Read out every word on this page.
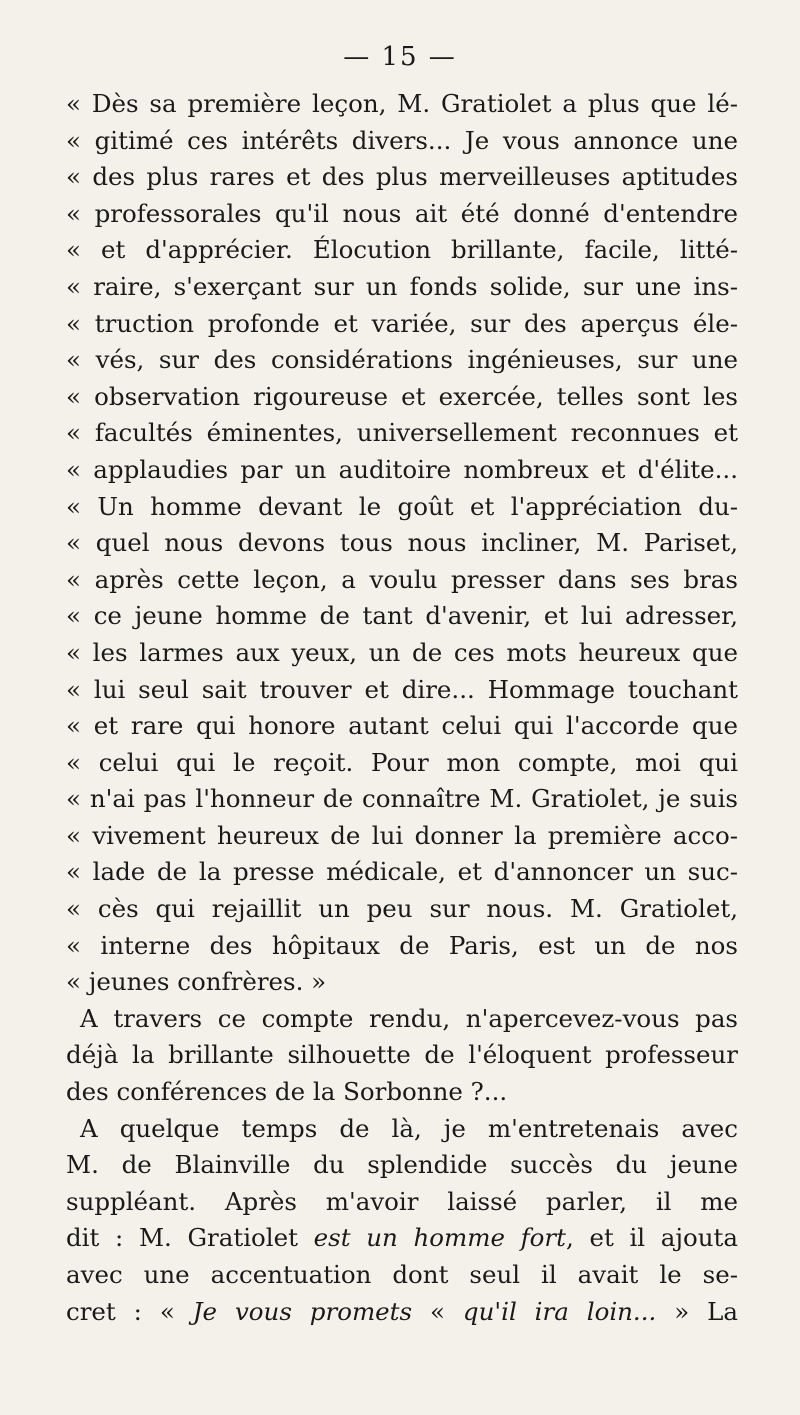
— 15 —
« Dès sa première leçon, M. Gratiolet a plus que lé-
« gitimé ces intérêts divers... Je vous annonce une
« des plus rares et des plus merveilleuses aptitudes
« professorales qu'il nous ait été donné d'entendre
« et d'apprécier. Élocution brillante, facile, litté-
« raire, s'exerçant sur un fonds solide, sur une ins-
« truction profonde et variée, sur des aperçus éle-
« vés, sur des considérations ingénieuses, sur une
« observation rigoureuse et exercée, telles sont les
« facultés éminentes, universellement reconnues et
« applaudies par un auditoire nombreux et d'élite...
« Un homme devant le goût et l'appréciation du-
« quel nous devons tous nous incliner, M. Pariset,
« après cette leçon, a voulu presser dans ses bras
« ce jeune homme de tant d'avenir, et lui adresser,
« les larmes aux yeux, un de ces mots heureux que
« lui seul sait trouver et dire... Hommage touchant
« et rare qui honore autant celui qui l'accorde que
« celui qui le reçoit. Pour mon compte, moi qui
« n'ai pas l'honneur de connaître M. Gratiolet, je suis
« vivement heureux de lui donner la première acco-
« lade de la presse médicale, et d'annoncer un suc-
« cès qui rejaillit un peu sur nous. M. Gratiolet,
« interne des hôpitaux de Paris, est un de nos
« jeunes confrères. »
A travers ce compte rendu, n'apercevez-vous pas
déjà la brillante silhouette de l'éloquent professeur
des conférences de la Sorbonne ?...
A quelque temps de là, je m'entretenais avec
M. de Blainville du splendide succès du jeune
suppléant. Après m'avoir laissé parler, il me
dit : M. Gratiolet est un homme fort, et il ajouta
avec une accentuation dont seul il avait le se-
cret : « Je vous promets « qu'il ira loin... » La
